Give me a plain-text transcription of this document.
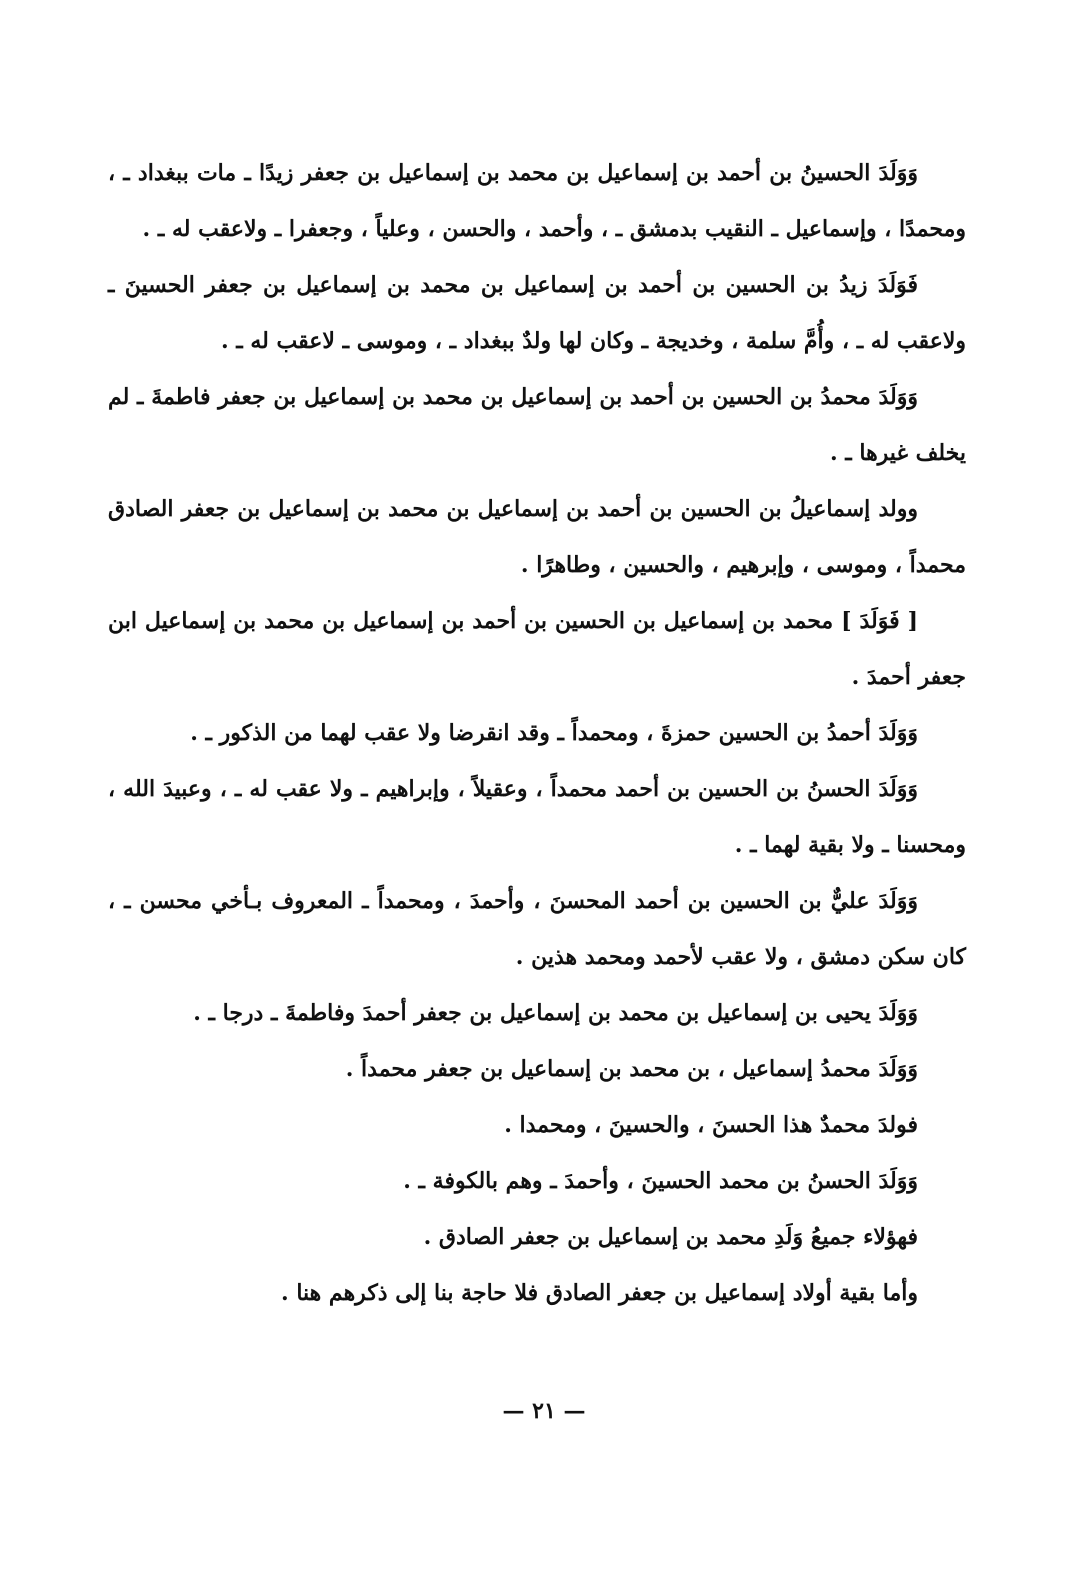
وَوَلَدَ الحسينُ بن أحمد بن إسماعيل بن محمد بن إسماعيل بن جعفر زيدًا ـ مات ببغداد ـ ، ومحمدًا ، وإسماعيل ـ النقيب بدمشق ـ ، وأحمد ، والحسن ، وعلياً ، وجعفرا ـ ولاعقب له ـ .

فَوَلَدَ زيدُ بن الحسين بن أحمد بن إسماعيل بن محمد بن إسماعيل بن جعفر الحسينَ ـ ولاعقب له ـ ، وأُمَّ سلمة ، وخديجة ـ وكان لها ولدٌ ببغداد ـ ، وموسى ـ لاعقب له ـ .

وَوَلَدَ محمدُ بن الحسين بن أحمد بن إسماعيل بن محمد بن إسماعيل بن جعفر فاطمةَ ـ لم يخلف غيرها ـ .

وولد إسماعيلُ بن الحسين بن أحمد بن إسماعيل بن محمد بن إسماعيل بن جعفر الصادق محمداً ، وموسى ، وإبرهيم ، والحسين ، وطاهرًا .

[ فَوَلَدَ ] محمد بن إسماعيل بن الحسين بن أحمد بن إسماعيل بن محمد بن إسماعيل ابن جعفر أحمدَ .

وَوَلَدَ أحمدُ بن الحسين حمزةَ ، ومحمداً ـ وقد انقرضا ولا عقب لهما من الذكور ـ .

وَوَلَدَ الحسنُ بن الحسين بن أحمد محمداً ، وعقيلاً ، وإبراهيم ـ ولا عقب له ـ ، وعبيدَ الله ، ومحسنا ـ ولا بقية لهما ـ .

وَوَلَدَ عليٌّ بن الحسين بن أحمد المحسنَ ، وأحمدَ ، ومحمداً ـ المعروف بـأخي محسن ـ ، كان سكن دمشق ، ولا عقب لأحمد ومحمد هذين .

وَوَلَدَ يحيى بن إسماعيل بن محمد بن إسماعيل بن جعفر أحمدَ وفاطمةَ ـ درجا ـ .

وَوَلَدَ محمدُ إسماعيل ، بن محمد بن إسماعيل بن جعفر محمداً .

فولدَ محمدٌ هذا الحسنَ ، والحسينَ ، ومحمدا .

وَوَلَدَ الحسنُ بن محمد الحسينَ ، وأحمدَ ـ وهم بالكوفة ـ .

فهؤلاء جميعُ وَلَدِ محمد بن إسماعيل بن جعفر الصادق .

وأما بقية أولاد إسماعيل بن جعفر الصادق فلا حاجة بنا إلى ذكرهم هنا .

— ٢١ —
